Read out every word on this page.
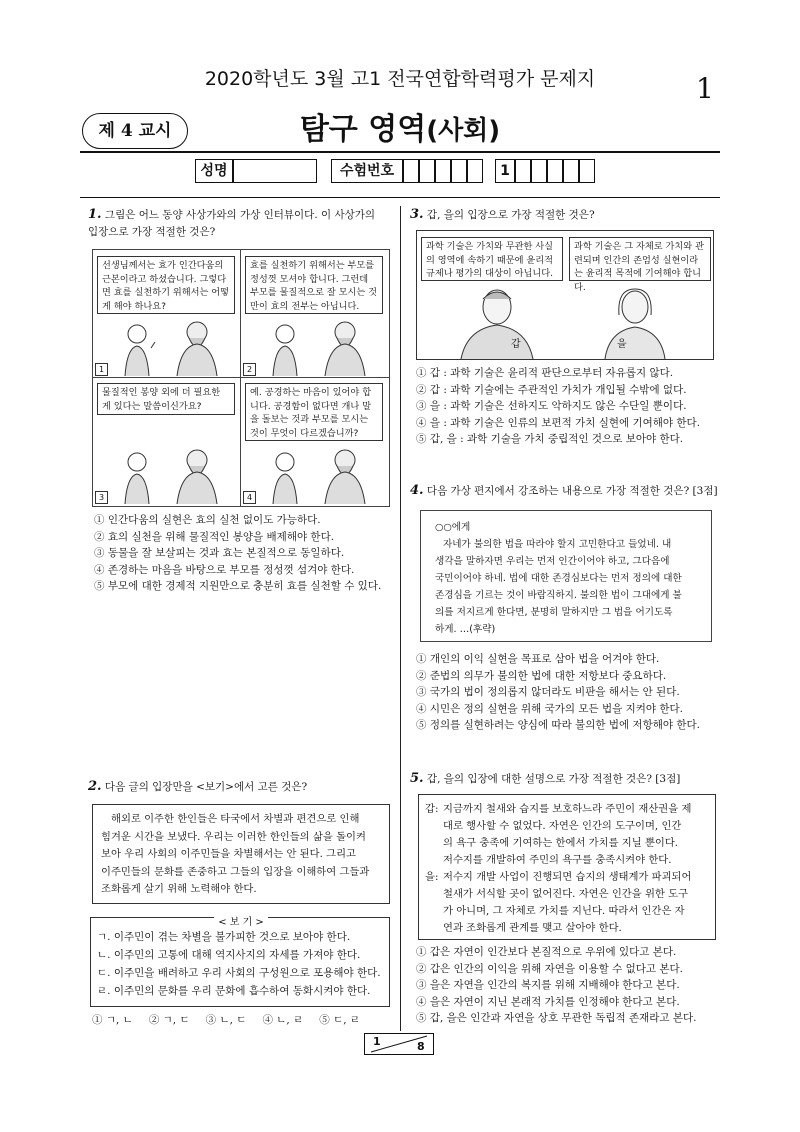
2020학년도 3월 고1 전국연합학력평가 문제지	1
제 4 교시	탐구 영역(사회)
성명	수험번호	1
1. 그림은 어느 동양 사상가와의 가상 인터뷰이다. 이 사상가의
입장으로 가장 적절한 것은?
선생님께서는 효가 인간다움의 근본이라고 하셨습니다. 그렇다면 효를 실천하기 위해서는 어떻게 해야 하나요?
효를 실천하기 위해서는 부모를 정성껏 모셔야 합니다. 그런데 부모를 물질적으로 잘 모시는 것만이 효의 전부는 아닙니다.
물질적인 봉양 외에 더 필요한 게 있다는 말씀이신가요?
예. 공경하는 마음이 있어야 합니다. 공경함이 없다면 개나 말을 돌보는 것과 부모를 모시는 것이 무엇이 다르겠습니까?
1	2
3	4
① 인간다움의 실현은 효의 실천 없이도 가능하다.
② 효의 실천을 위해 물질적인 봉양을 배제해야 한다.
③ 동물을 잘 보살피는 것과 효는 본질적으로 동일하다.
④ 존경하는 마음을 바탕으로 부모를 정성껏 섬겨야 한다.
⑤ 부모에 대한 경제적 지원만으로 충분히 효를 실천할 수 있다.
2. 다음 글의 입장만을 <보기>에서 고른 것은?
해외로 이주한 한인들은 타국에서 차별과 편견으로 인해
힘겨운 시간을 보냈다. 우리는 이러한 한인들의 삶을 돌이켜
보아 우리 사회의 이주민들을 차별해서는 안 된다. 그리고
이주민들의 문화를 존중하고 그들의 입장을 이해하여 그들과
조화롭게 살기 위해 노력해야 한다.
< 보 기 >
ㄱ. 이주민이 겪는 차별을 불가피한 것으로 보아야 한다.
ㄴ. 이주민의 고통에 대해 역지사지의 자세를 가져야 한다.
ㄷ. 이주민을 배려하고 우리 사회의 구성원으로 포용해야 한다.
ㄹ. 이주민의 문화를 우리 문화에 흡수하여 동화시켜야 한다.
① ㄱ, ㄴ ② ㄱ, ㄷ ③ ㄴ, ㄷ ④ ㄴ, ㄹ ⑤ ㄷ, ㄹ
3. 갑, 을의 입장으로 가장 적절한 것은?
과학 기술은 가치와 무관한 사실의 영역에 속하기 때문에 윤리적 규제나 평가의 대상이 아닙니다.
과학 기술은 그 자체로 가치와 관련되며 인간의 존엄성 실현이라는 윤리적 목적에 기여해야 합니다.
갑	을
① 갑 : 과학 기술은 윤리적 판단으로부터 자유롭지 않다.
② 갑 : 과학 기술에는 주관적인 가치가 개입될 수밖에 없다.
③ 을 : 과학 기술은 선하지도 악하지도 않은 수단일 뿐이다.
④ 을 : 과학 기술은 인류의 보편적 가치 실현에 기여해야 한다.
⑤ 갑, 을 : 과학 기술을 가치 중립적인 것으로 보아야 한다.
4. 다음 가상 편지에서 강조하는 내용으로 가장 적절한 것은? [3점]
○○에게
자네가 불의한 법을 따라야 할지 고민한다고 들었네. 내
생각을 말하자면 우리는 먼저 인간이어야 하고, 그다음에
국민이어야 하네. 법에 대한 존경심보다는 먼저 정의에 대한
존경심을 기르는 것이 바람직하지. 불의한 법이 그대에게 불
의를 저지르게 한다면, 분명히 말하지만 그 법을 어기도록
하게. …(후략)
① 개인의 이익 실현을 목표로 삼아 법을 어겨야 한다.
② 준법의 의무가 불의한 법에 대한 저항보다 중요하다.
③ 국가의 법이 정의롭지 않더라도 비판을 해서는 안 된다.
④ 시민은 정의 실현을 위해 국가의 모든 법을 지켜야 한다.
⑤ 정의를 실현하려는 양심에 따라 불의한 법에 저항해야 한다.
5. 갑, 을의 입장에 대한 설명으로 가장 적절한 것은? [3점]
갑: 지금까지 철새와 습지를 보호하느라 주민이 재산권을 제
대로 행사할 수 없었다. 자연은 인간의 도구이며, 인간
의 욕구 충족에 기여하는 한에서 가치를 지닐 뿐이다.
저수지를 개발하여 주민의 욕구를 충족시켜야 한다.
을: 저수지 개발 사업이 진행되면 습지의 생태계가 파괴되어
철새가 서식할 곳이 없어진다. 자연은 인간을 위한 도구
가 아니며, 그 자체로 가치를 지닌다. 따라서 인간은 자
연과 조화롭게 관계를 맺고 살아야 한다.
① 갑은 자연이 인간보다 본질적으로 우위에 있다고 본다.
② 갑은 인간의 이익을 위해 자연을 이용할 수 없다고 본다.
③ 을은 자연을 인간의 복지를 위해 지배해야 한다고 본다.
④ 을은 자연이 지닌 본래적 가치를 인정해야 한다고 본다.
⑤ 갑, 을은 인간과 자연을 상호 무관한 독립적 존재라고 본다.
1	8
